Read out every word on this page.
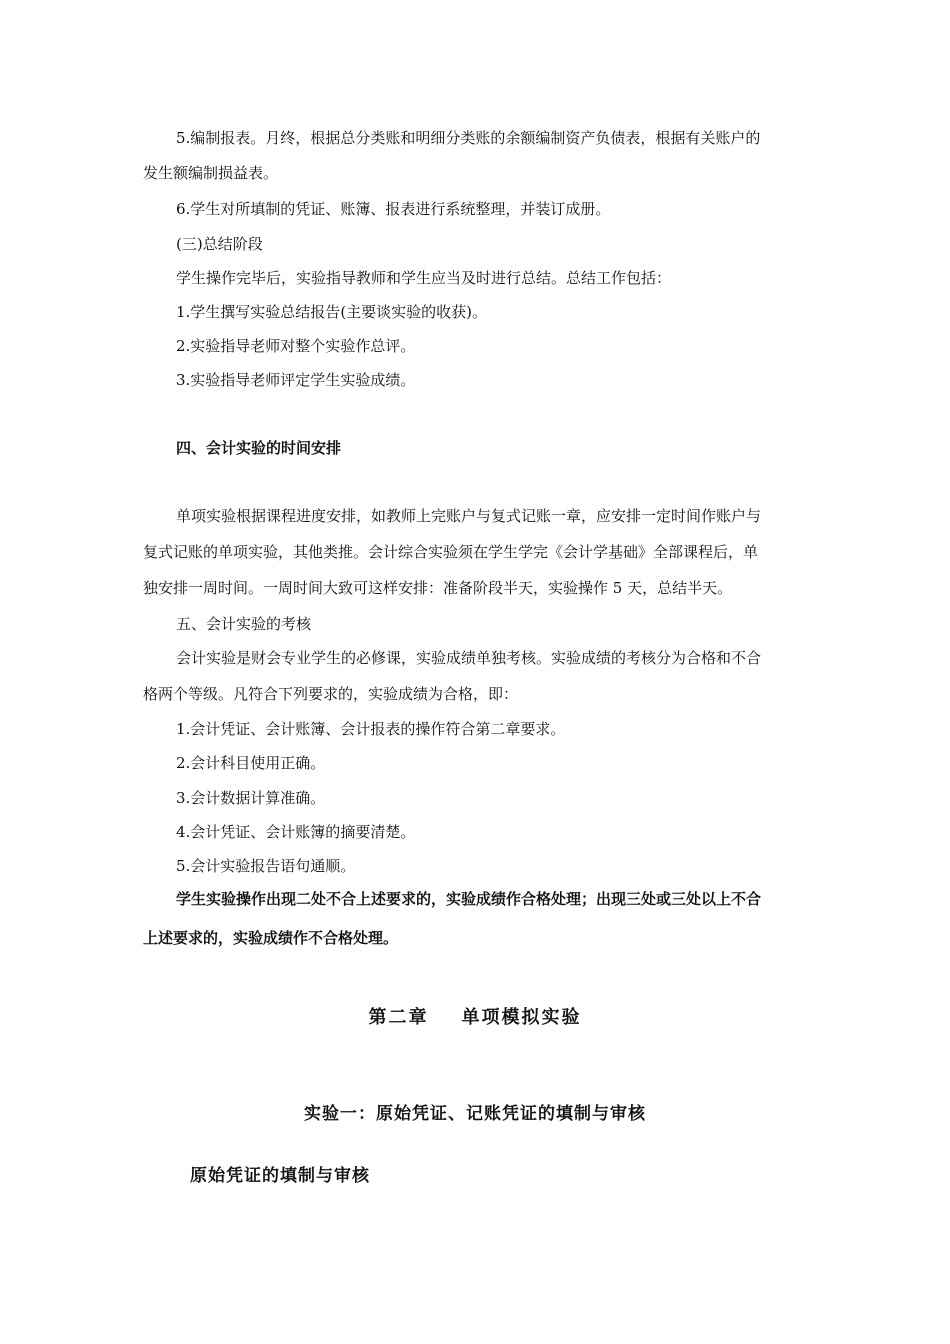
5.编制报表。月终，根据总分类账和明细分类账的余额编制资产负债表，根据有关账户的
发生额编制损益表。
6.学生对所填制的凭证、账簿、报表进行系统整理，并装订成册。
(三)总结阶段
学生操作完毕后，实验指导教师和学生应当及时进行总结。总结工作包括：
1.学生撰写实验总结报告(主要谈实验的收获)。
2.实验指导老师对整个实验作总评。
3.实验指导老师评定学生实验成绩。
四、会计实验的时间安排
单项实验根据课程进度安排，如教师上完账户与复式记账一章，应安排一定时间作账户与
复式记账的单项实验，其他类推。会计综合实验须在学生学完《会计学基础》全部课程后，单
独安排一周时间。一周时间大致可这样安排：准备阶段半天，实验操作 5 天，总结半天。
五、会计实验的考核
会计实验是财会专业学生的必修课，实验成绩单独考核。实验成绩的考核分为合格和不合
格两个等级。凡符合下列要求的，实验成绩为合格，即：
1.会计凭证、会计账簿、会计报表的操作符合第二章要求。
2.会计科目使用正确。
3.会计数据计算准确。
4.会计凭证、会计账簿的摘要清楚。
5.会计实验报告语句通顺。
学生实验操作出现二处不合上述要求的，实验成绩作合格处理；出现三处或三处以上不合
上述要求的，实验成绩作不合格处理。
第二章    单项模拟实验
实验一：原始凭证、记账凭证的填制与审核
原始凭证的填制与审核
